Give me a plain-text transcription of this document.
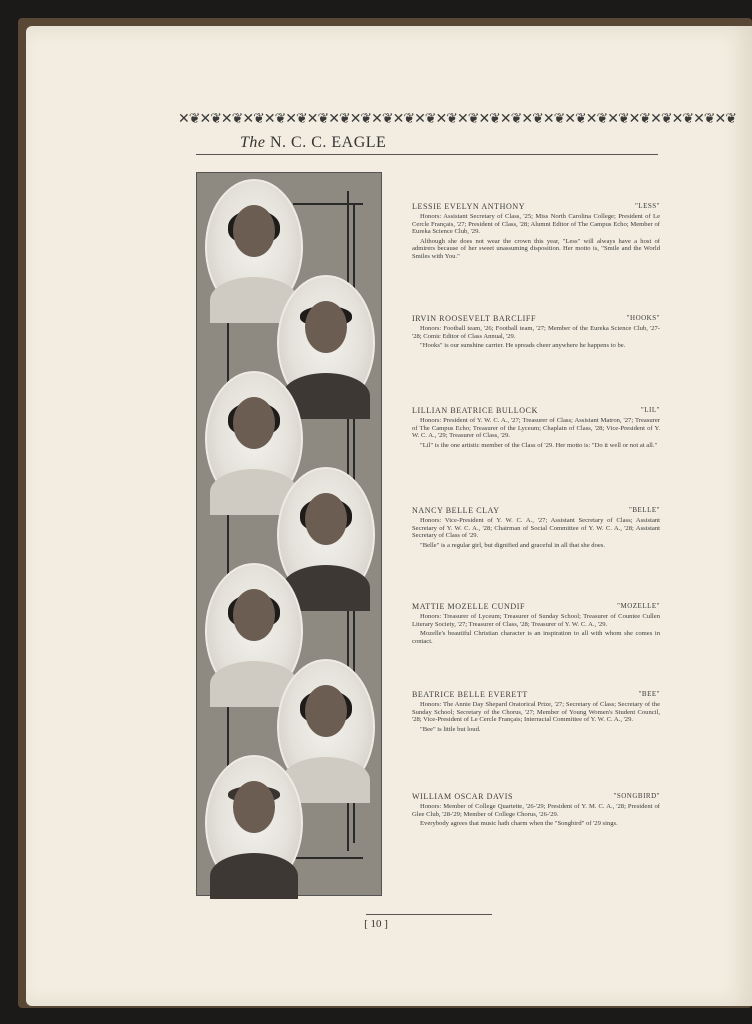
✕❦✕❦✕❦✕❦✕❦✕❦✕❦✕❦✕❦✕❦✕❦✕❦✕❦✕❦✕❦✕❦✕❦✕❦✕❦✕❦✕❦✕❦✕❦✕❦✕❦✕❦
The N. C. C. EAGLE
LESSIE EVELYN ANTHONY	"LESS"
Honors: Assistant Secretary of Class, '25; Miss North Carolina College; President of Le Cercle Français, '27; President of Class, '28; Alumni Editor of The Campus Echo; Member of Eureka Science Club, '29.
Although she does not wear the crown this year, "Less" will always have a host of admirers because of her sweet unassuming disposition. Her motto is, "Smile and the World Smiles with You."
IRVIN ROOSEVELT BARCLIFF	"HOOKS"
Honors: Football team, '26; Football team, '27; Member of the Eureka Science Club, '27-'28; Comic Editor of Class Annual, '29.
"Hooks" is our sunshine carrier. He spreads cheer anywhere he happens to be.
LILLIAN BEATRICE BULLOCK	"LIL"
Honors: President of Y. W. C. A., '27; Treasurer of Class; Assistant Matron, '27; Treasurer of The Campus Echo; Treasurer of the Lyceum; Chaplain of Class, '28; Vice-President of Y. W. C. A., '29; Treasurer of Class, '29.
"Lil" is the one artistic member of the Class of '29. Her motto is: "Do it well or not at all."
NANCY BELLE CLAY	"BELLE"
Honors: Vice-President of Y. W. C. A., '27; Assistant Secretary of Class; Assistant Secretary of Y. W. C. A., '28; Chairman of Social Committee of Y. W. C. A., '28; Assistant Secretary of Class of '29.
"Belle" is a regular girl, but dignified and graceful in all that she does.
MATTIE MOZELLE CUNDIF	"MOZELLE"
Honors: Treasurer of Lyceum; Treasurer of Sunday School; Treasurer of Countee Cullen Literary Society, '27; Treasurer of Class, '28; Treasurer of Y. W. C. A., '29.
Mozelle's beautiful Christian character is an inspiration to all with whom she comes in contact.
BEATRICE BELLE EVERETT	"BEE"
Honors: The Annie Day Shepard Oratorical Prize, '27; Secretary of Class; Secretary of the Sunday School; Secretary of the Chorus, '27; Member of Young Women's Student Council, '28; Vice-President of Le Cercle Français; Interracial Committee of Y. W. C. A., '29.
"Bee" is little but loud.
WILLIAM OSCAR DAVIS	"SONGBIRD"
Honors: Member of College Quartette, '26-'29; President of Y. M. C. A., '28; President of Glee Club, '28-'29; Member of College Chorus, '26-'29.
Everybody agrees that music hath charm when the "Songbird" of '29 sings.
[ 10 ]
